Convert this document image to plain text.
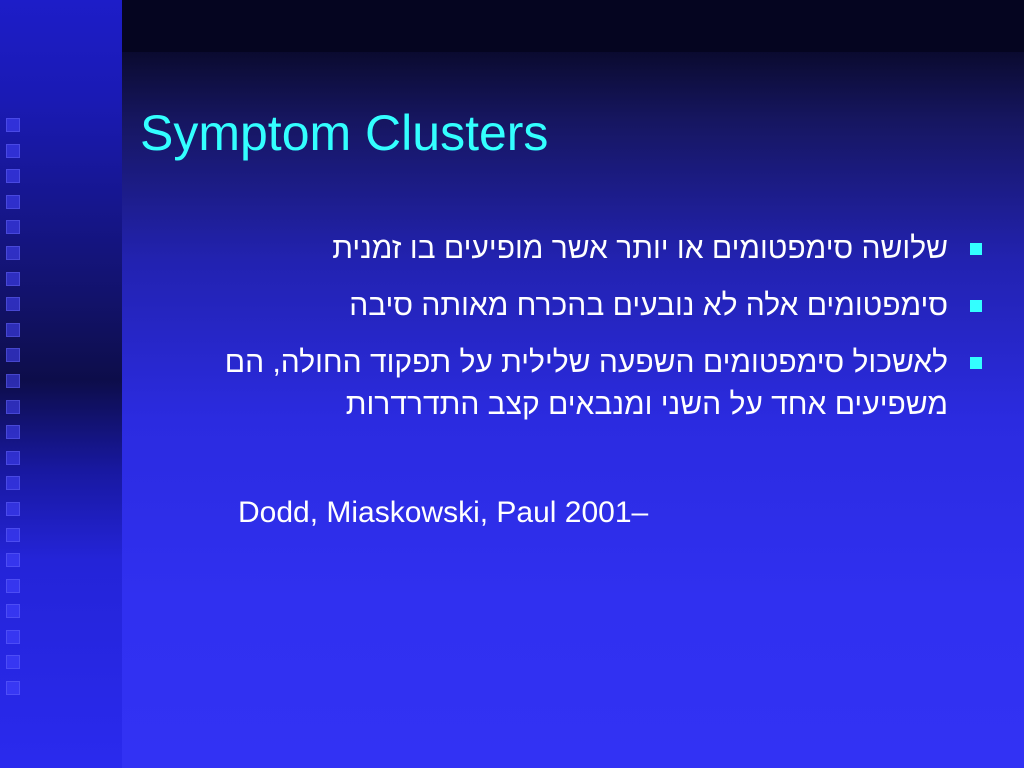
Symptom Clusters
שלושה סימפטומים או יותר אשר מופיעים בו זמנית
סימפטומים אלה לא נובעים בהכרח מאותה סיבה
לאשכול סימפטומים השפעה שלילית על תפקוד החולה, הם משפיעים אחד על השני ומנבאים קצב התדרדרות
Dodd, Miaskowski, Paul 2001–
